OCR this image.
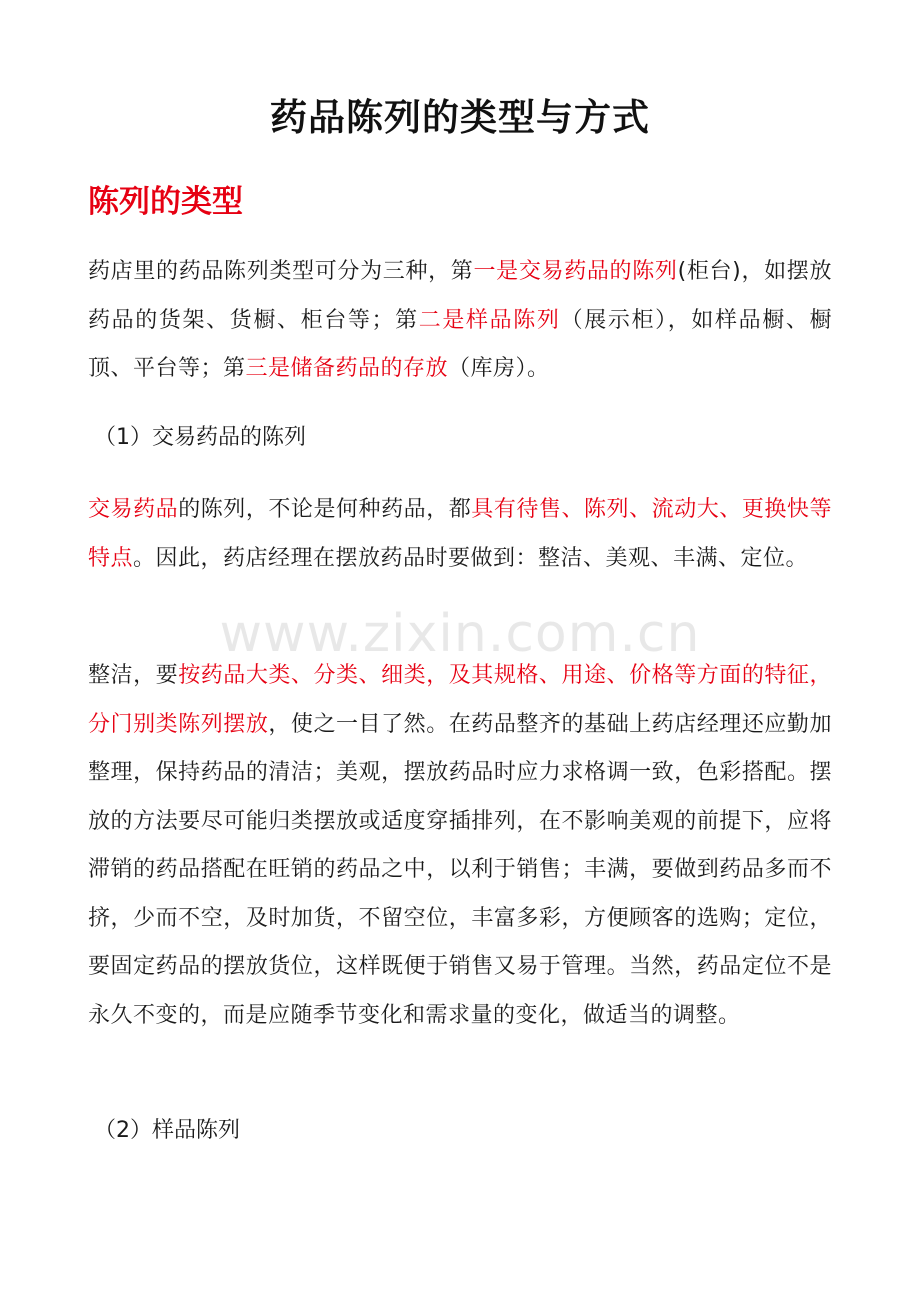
药品陈列的类型与方式
陈列的类型
药店里的药品陈列类型可分为三种，第一是交易药品的陈列(柜台)，如摆放药品的货架、货橱、柜台等；第二是样品陈列（展示柜），如样品橱、橱顶、平台等；第三是储备药品的存放（库房）。
（1）交易药品的陈列
交易药品的陈列，不论是何种药品，都具有待售、陈列、流动大、更换快等特点。因此，药店经理在摆放药品时要做到：整洁、美观、丰满、定位。
整洁，要按药品大类、分类、细类，及其规格、用途、价格等方面的特征，分门别类陈列摆放，使之一目了然。在药品整齐的基础上药店经理还应勤加整理，保持药品的清洁；美观，摆放药品时应力求格调一致，色彩搭配。摆放的方法要尽可能归类摆放或适度穿插排列，在不影响美观的前提下，应将滞销的药品搭配在旺销的药品之中，以利于销售；丰满，要做到药品多而不挤，少而不空，及时加货，不留空位，丰富多彩，方便顾客的选购；定位，要固定药品的摆放货位，这样既便于销售又易于管理。当然，药品定位不是永久不变的，而是应随季节变化和需求量的变化，做适当的调整。
（2）样品陈列
www.zixin.com.cn
